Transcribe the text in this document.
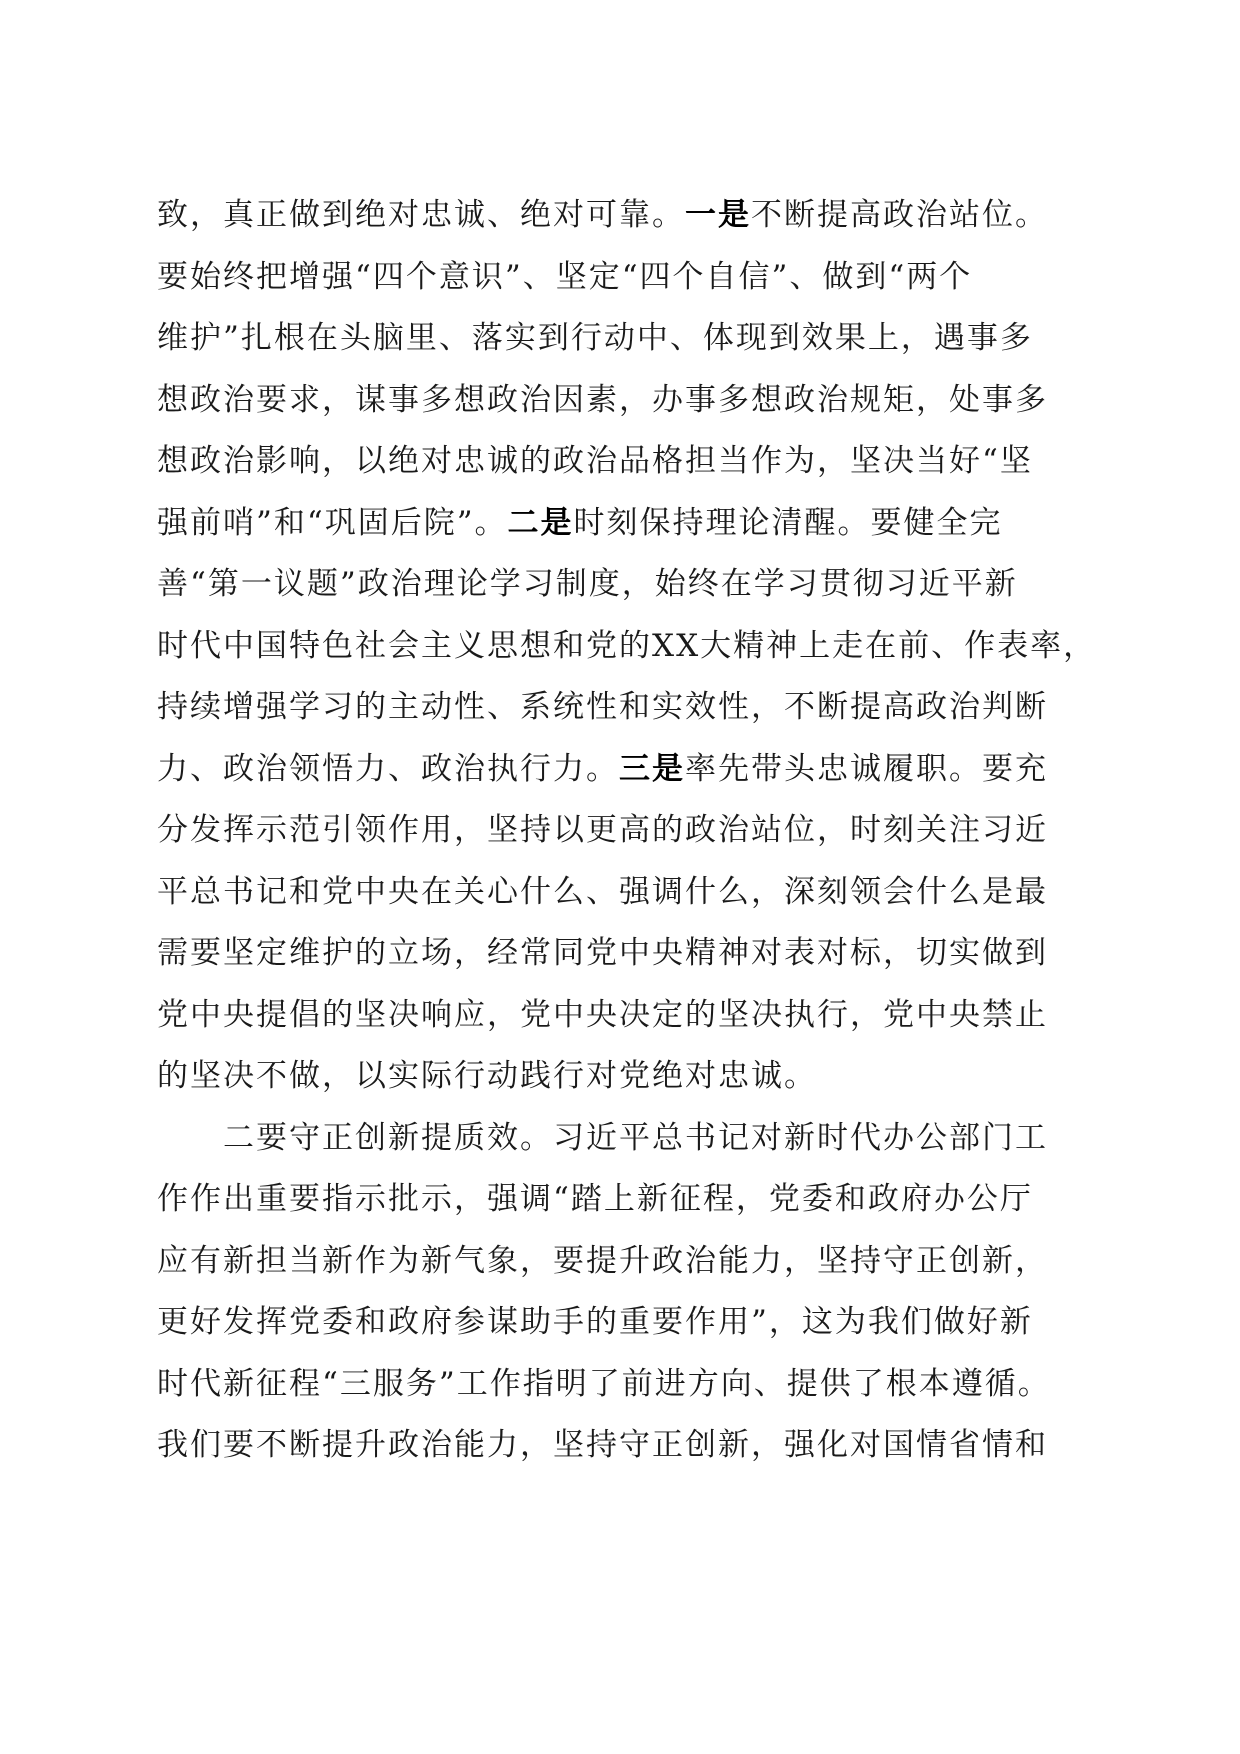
致，真正做到绝对忠诚、绝对可靠。一是不断提高政治站位。
要始终把增强“四个意识”、坚定“四个自信”、做到“两个
维护”扎根在头脑里、落实到行动中、体现到效果上，遇事多
想政治要求，谋事多想政治因素，办事多想政治规矩，处事多
想政治影响，以绝对忠诚的政治品格担当作为，坚决当好“坚
强前哨”和“巩固后院”。二是时刻保持理论清醒。要健全完
善“第一议题”政治理论学习制度，始终在学习贯彻习近平新
时代中国特色社会主义思想和党的XX大精神上走在前、作表率，
持续增强学习的主动性、系统性和实效性，不断提高政治判断
力、政治领悟力、政治执行力。三是率先带头忠诚履职。要充
分发挥示范引领作用，坚持以更高的政治站位，时刻关注习近
平总书记和党中央在关心什么、强调什么，深刻领会什么是最
需要坚定维护的立场，经常同党中央精神对表对标，切实做到
党中央提倡的坚决响应，党中央决定的坚决执行，党中央禁止
的坚决不做，以实际行动践行对党绝对忠诚。
　　二要守正创新提质效。习近平总书记对新时代办公部门工
作作出重要指示批示，强调“踏上新征程，党委和政府办公厅
应有新担当新作为新气象，要提升政治能力，坚持守正创新，
更好发挥党委和政府参谋助手的重要作用”，这为我们做好新
时代新征程“三服务”工作指明了前进方向、提供了根本遵循。
我们要不断提升政治能力，坚持守正创新，强化对国情省情和
